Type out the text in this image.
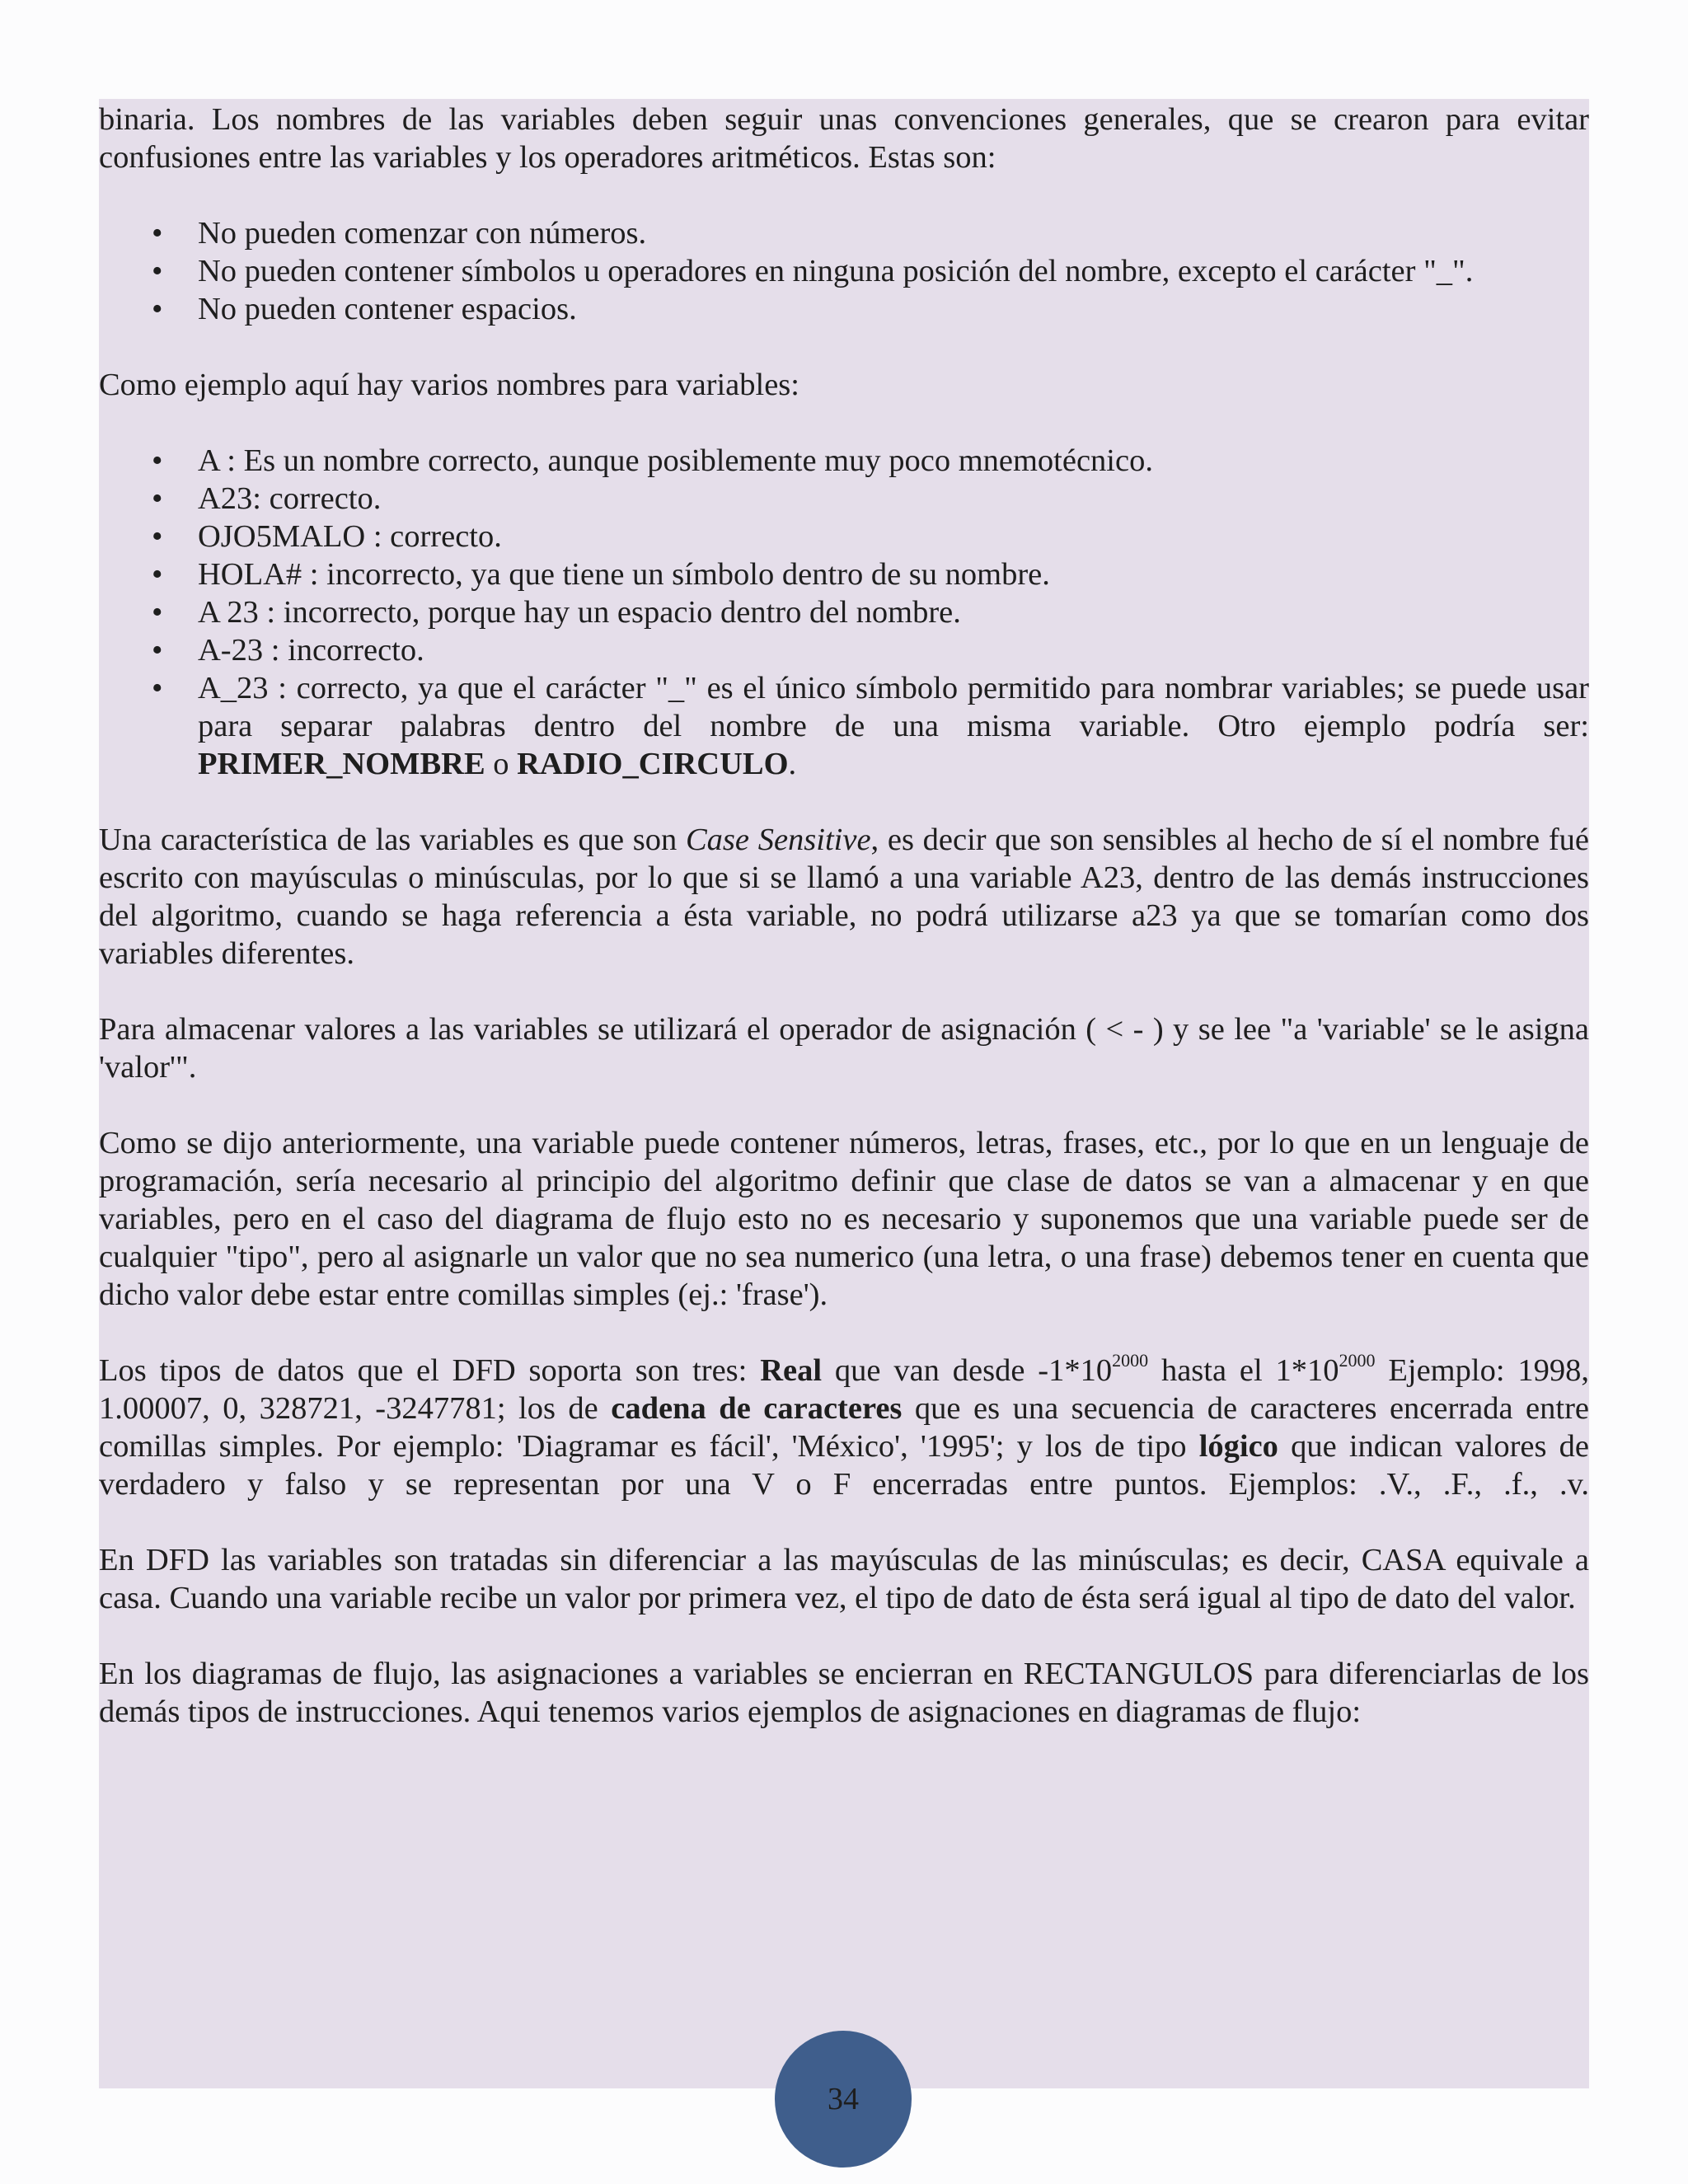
binaria. Los nombres de las variables deben seguir unas convenciones generales, que se crearon para evitar confusiones entre las variables y los operadores aritméticos. Estas son:

• No pueden comenzar con números.
• No pueden contener símbolos u operadores en ninguna posición del nombre, excepto el carácter "_".
• No pueden contener espacios.

Como ejemplo aquí hay varios nombres para variables:

• A : Es un nombre correcto, aunque posiblemente muy poco mnemotécnico.
• A23: correcto.
• OJO5MALO : correcto.
• HOLA# : incorrecto, ya que tiene un símbolo dentro de su nombre.
• A 23 : incorrecto, porque hay un espacio dentro del nombre.
• A-23 : incorrecto.
• A_23 : correcto, ya que el carácter "_" es el único símbolo permitido para nombrar variables; se puede usar para separar palabras dentro del nombre de una misma variable. Otro ejemplo podría ser: PRIMER_NOMBRE o RADIO_CIRCULO.

Una característica de las variables es que son Case Sensitive, es decir que son sensibles al hecho de sí el nombre fué escrito con mayúsculas o minúsculas, por lo que si se llamó a una variable A23, dentro de las demás instrucciones del algoritmo, cuando se haga referencia a ésta variable, no podrá utilizarse a23 ya que se tomarían como dos variables diferentes.

Para almacenar valores a las variables se utilizará el operador de asignación ( < - ) y se lee "a 'variable' se le asigna 'valor'".

Como se dijo anteriormente, una variable puede contener números, letras, frases, etc., por lo que en un lenguaje de programación, sería necesario al principio del algoritmo definir que clase de datos se van a almacenar y en que variables, pero en el caso del diagrama de flujo esto no es necesario y suponemos que una variable puede ser de cualquier "tipo", pero al asignarle un valor que no sea numerico (una letra, o una frase) debemos tener en cuenta que dicho valor debe estar entre comillas simples (ej.: 'frase').

Los tipos de datos que el DFD soporta son tres: Real que van desde $-1*10^{2000}$ hasta el $1*10^{2000}$ Ejemplo: 1998, 1.00007, 0, 328721, -3247781; los de cadena de caracteres que es una secuencia de caracteres encerrada entre comillas simples. Por ejemplo: 'Diagramar es fácil', 'México', '1995'; y los de tipo lógico que indican valores de verdadero y falso y se representan por una V o F encerradas entre puntos. Ejemplos: .V., .F., .f., .v.

En DFD las variables son tratadas sin diferenciar a las mayúsculas de las minúsculas; es decir, CASA equivale a casa. Cuando una variable recibe un valor por primera vez, el tipo de dato de ésta será igual al tipo de dato del valor.

En los diagramas de flujo, las asignaciones a variables se encierran en RECTANGULOS para diferenciarlas de los demás tipos de instrucciones. Aqui tenemos varios ejemplos de asignaciones en diagramas de flujo:

34
